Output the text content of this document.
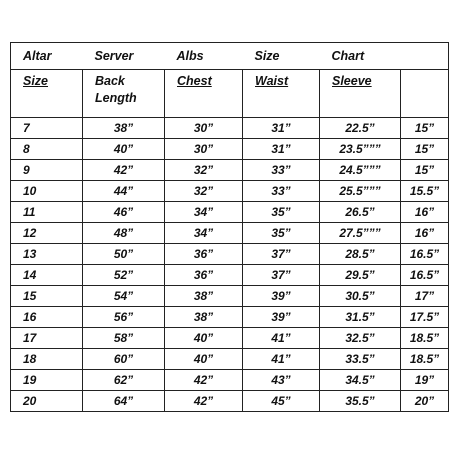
Altar	Server	Albs	Size	Chart	
Size	Back Length	Chest	Waist	Sleeve	
7	38”	30”	31”	22.5”	15”
8	40”	30”	31”	23.5”””	15”
9	42”	32”	33”	24.5”””	15”
10	44”	32”	33”	25.5”””	15.5”
11	46”	34”	35”	26.5”	16”
12	48”	34”	35”	27.5”””	16”
13	50”	36”	37”	28.5”	16.5”
14	52”	36”	37”	29.5”	16.5”
15	54”	38”	39”	30.5”	17”
16	56”	38”	39”	31.5”	17.5”
17	58”	40”	41”	32.5”	18.5”
18	60”	40”	41”	33.5”	18.5”
19	62”	42”	43”	34.5”	19”
20	64”	42”	45”	35.5”	20”
